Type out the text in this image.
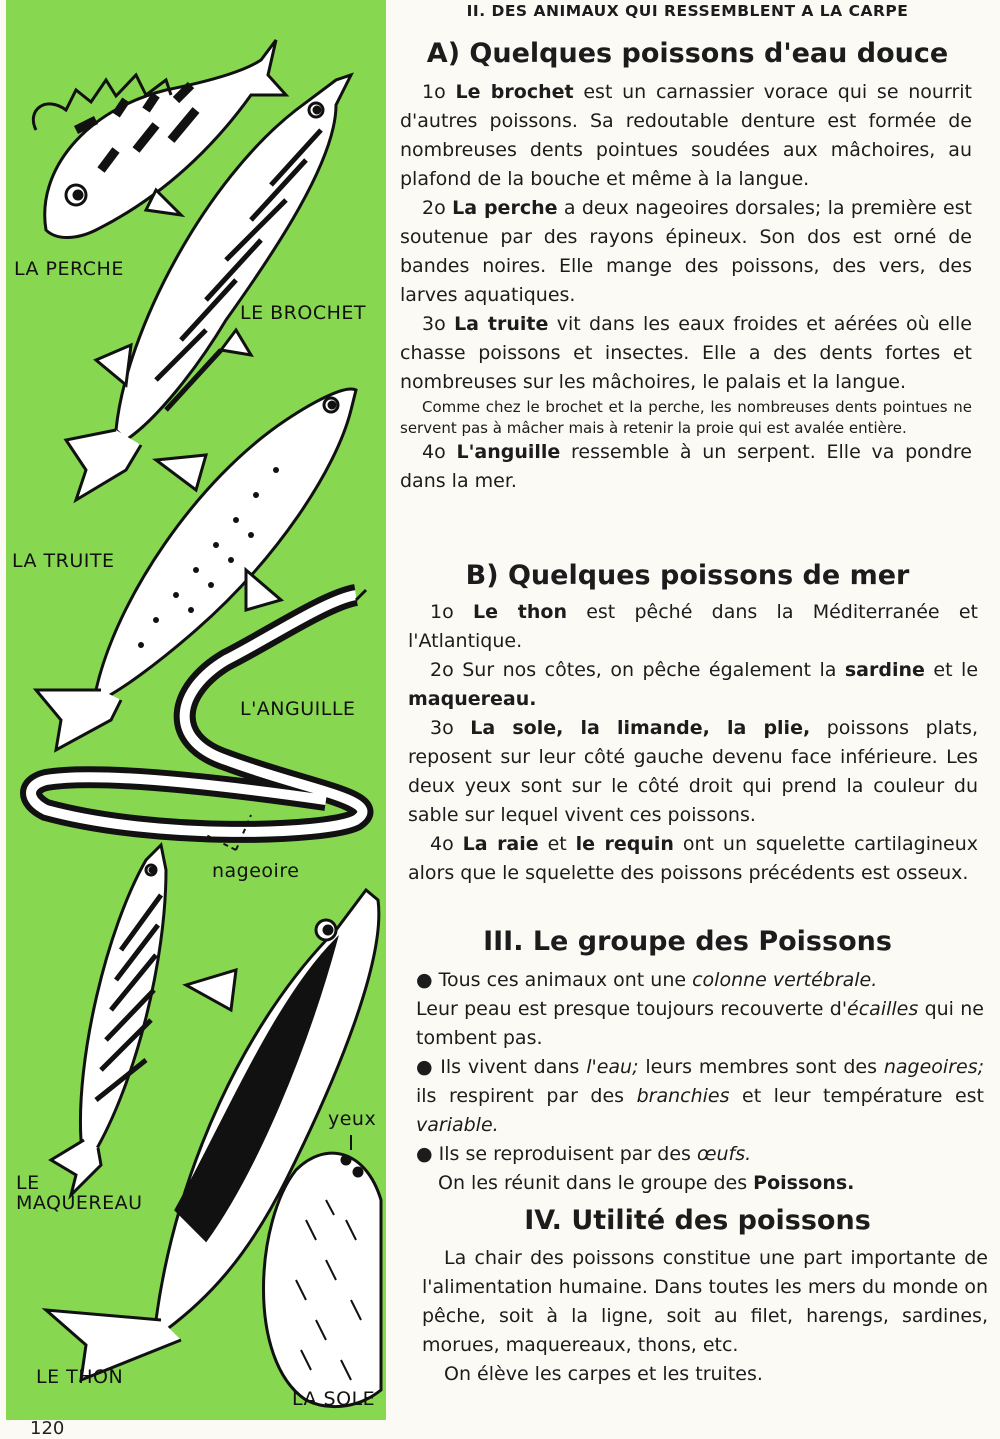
LA PERCHE
LE BROCHET
LA TRUITE
L'ANGUILLE
nageoire
LE
MAQUEREAU
LE THON
yeux
LA SOLE
120
II. DES ANIMAUX QUI RESSEMBLENT A LA CARPE
A) Quelques poissons d'eau douce
1o Le brochet est un carnassier vorace qui se nourrit d'autres poissons. Sa redoutable denture est formée de nombreuses dents pointues soudées aux mâchoires, au plafond de la bouche et même à la langue.
2o La perche a deux nageoires dorsales; la première est soutenue par des rayons épineux. Son dos est orné de bandes noires. Elle mange des poissons, des vers, des larves aquatiques.
3o La truite vit dans les eaux froides et aérées où elle chasse poissons et insectes. Elle a des dents fortes et nombreuses sur les mâchoires, le palais et la langue.
Comme chez le brochet et la perche, les nombreuses dents pointues ne servent pas à mâcher mais à retenir la proie qui est avalée entière.
4o L'anguille ressemble à un serpent. Elle va pondre dans la mer.
B) Quelques poissons de mer
1o Le thon est pêché dans la Méditerranée et l'Atlantique.
2o Sur nos côtes, on pêche également la sardine et le maquereau.
3o La sole, la limande, la plie, poissons plats, reposent sur leur côté gauche devenu face inférieure. Les deux yeux sont sur le côté droit qui prend la couleur du sable sur lequel vivent ces poissons.
4o La raie et le requin ont un squelette cartilagineux alors que le squelette des poissons précédents est osseux.
III. Le groupe des Poissons
● Tous ces animaux ont une colonne vertébrale.
Leur peau est presque toujours recouverte d'écailles qui ne tombent pas.
● Ils vivent dans l'eau; leurs membres sont des nageoires; ils respirent par des branchies et leur température est variable.
● Ils se reproduisent par des œufs.
On les réunit dans le groupe des Poissons.
IV. Utilité des poissons
La chair des poissons constitue une part importante de l'alimentation humaine. Dans toutes les mers du monde on pêche, soit à la ligne, soit au filet, harengs, sardines, morues, maquereaux, thons, etc.
On élève les carpes et les truites.
